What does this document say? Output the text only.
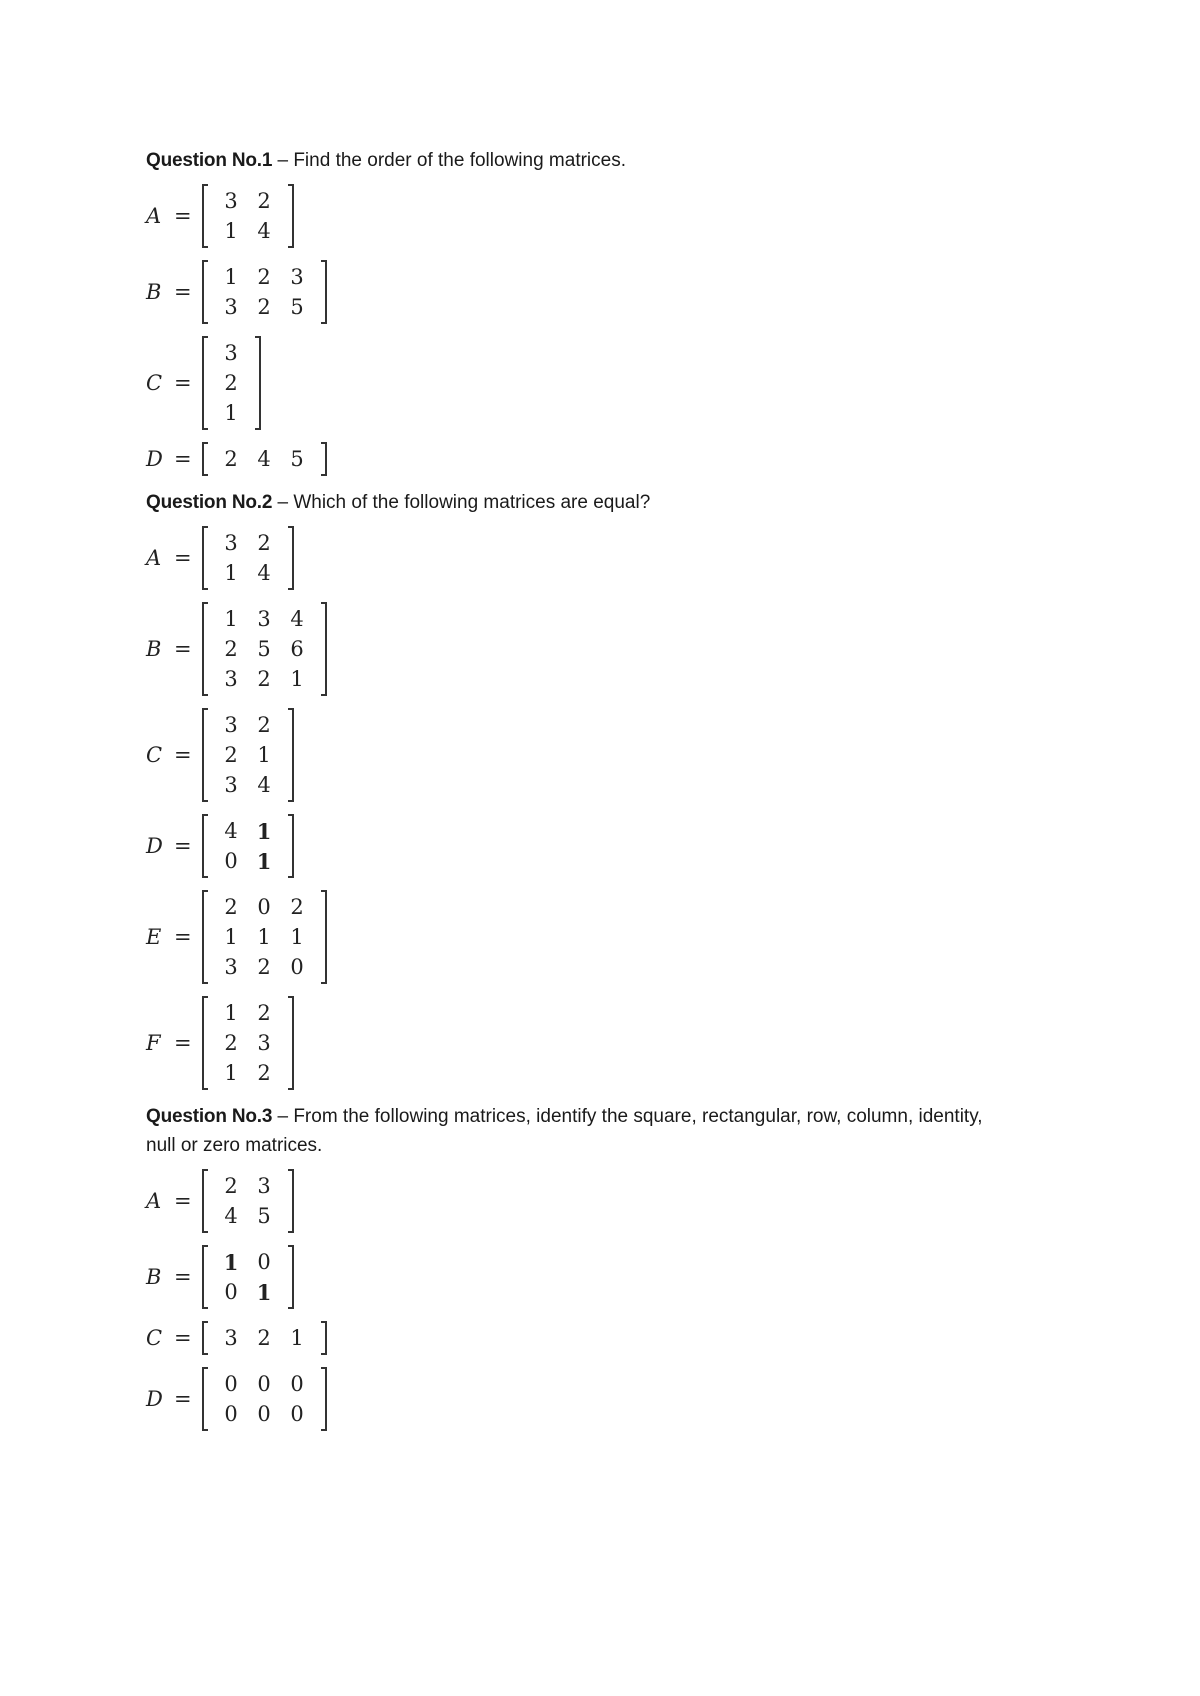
Question No.1 – Find the order of the following matrices.

A =
3	2
1	4
B =
1	2	3
3	2	5
C =
3
2
1
D = 2	4	5

Question No.2 – Which of the following matrices are equal?

A =
3	2
1	4
B =
1	3	4
2	5	6
3	2	1
C =
3	2
2	1
3	4
D =
4	1
0	1
E =
2	0	2
1	1	1
3	2	0
F =
1	2
2	3
1	2

Question No.3 – From the following matrices, identify the square, rectangular, row, column, identity, null or zero matrices.

A =
2	3
4	5
B =
1	0
0	1
C = 3	2	1
D =
0	0	0
0	0	0
